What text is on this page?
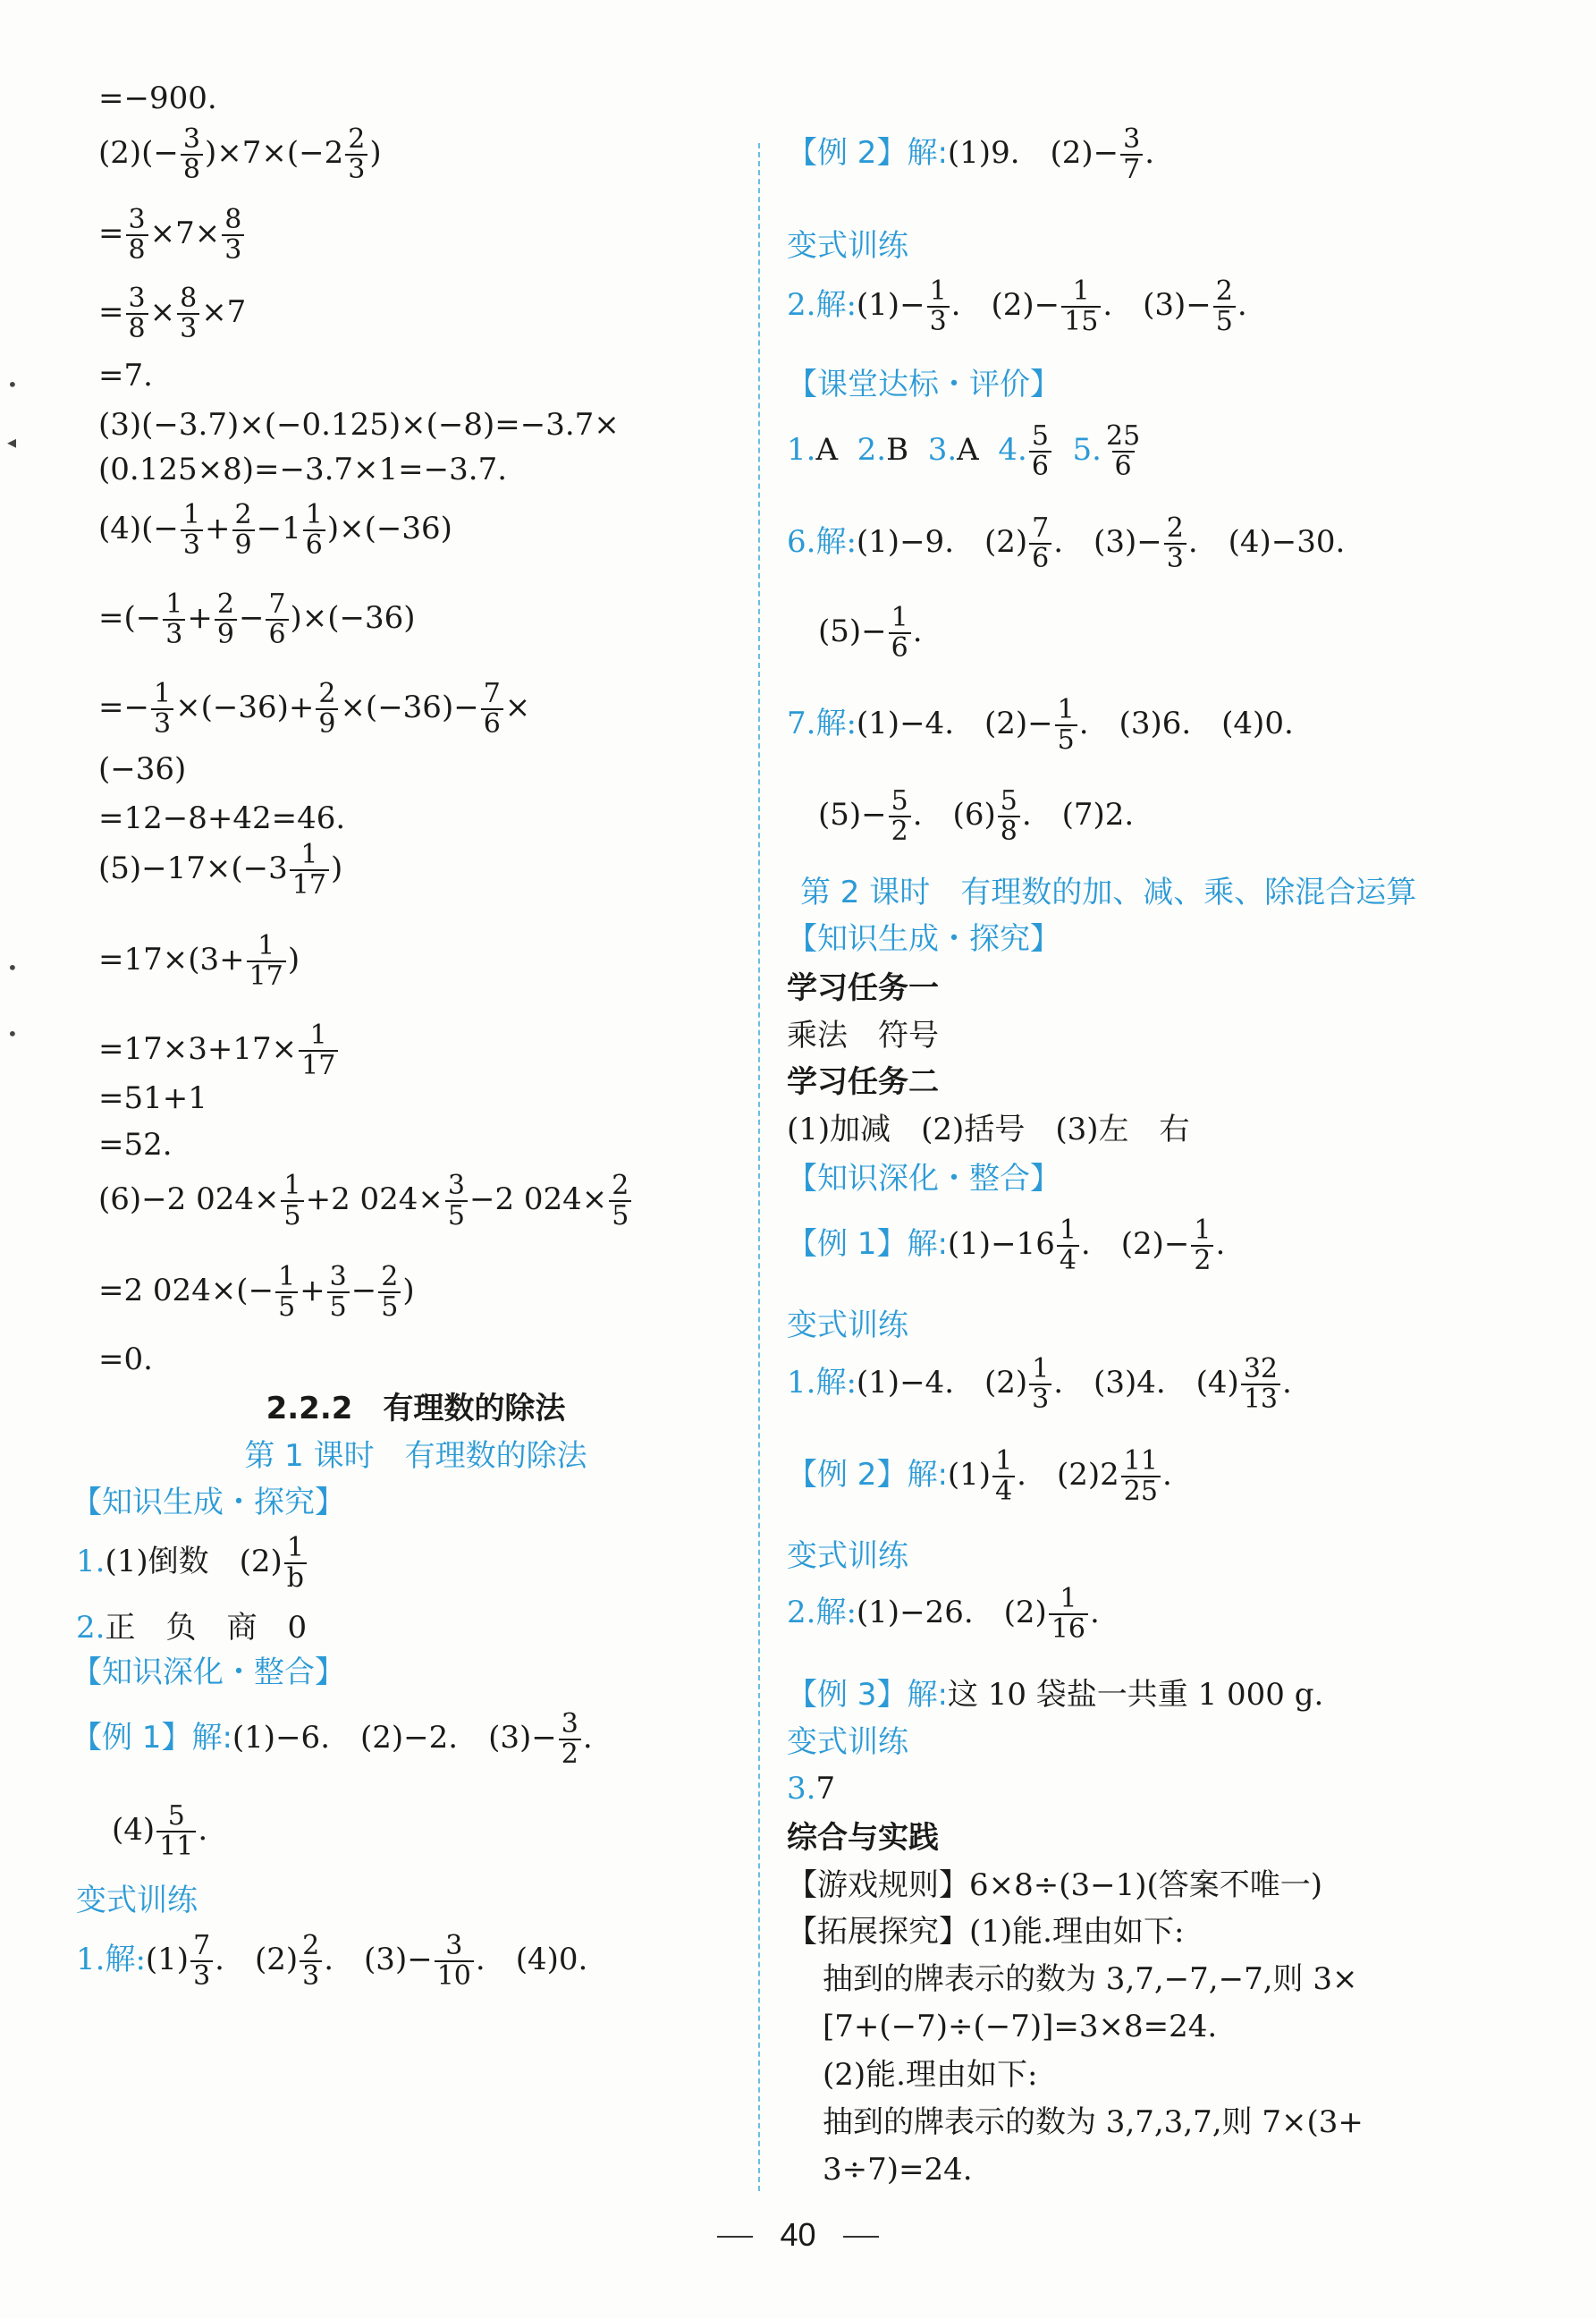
•
◂
•
•
=−900.
$(2)(- \frac{3}{8} )\times 7\times(-2 \frac{2}{3}$ )
= $\frac{3}{8} \times 7\times \frac{8}{3}$
= $\frac{3}{8} \times \frac{8}{3} \times 7$
=7.
(3)(−3.7)×(−0.125)×(−8)=−3.7×
(0.125×8)=−3.7×1=−3.7.
$(4)(- \frac{1}{3} + \frac{2}{9} -1 \frac{1}{6} )\times(-36)$
=(− $\frac{1}{3} + \frac{2}{9} - \frac{7}{6} )\times(-36)$
=− $\frac{1}{3} \times(-36)+ \frac{2}{9} \times(-36)- \frac{7}{6}$ ×
(−36)
=12−8+42=46.
$(5)-17\times(-3 \frac{1}{17}$ )
$=17\times(3+ \frac{1}{17}$ )
$=17\times 3+17\times \frac{1}{17}$
=51+1
=52.
(6)−2 $024\times \frac{1}{5} +2$ $024\times \frac{3}{5} -2$ $024\times \frac{2}{5}$
=2 $024\times(- \frac{1}{5} + \frac{3}{5} - \frac{2}{5}$ )
=0.
2.2.2　有理数的除法
第 1 课时　有理数的除法
【知识生成・探究】
1.(1)倒数　$(2) \frac{1}{b}$
2.正　负　商　0
【知识深化・整合】
【例 1】解:(1)−6.　(2)−2.　$(3)- \frac{3}{2}$ .
$(4) \frac{5}{11}$ .
变式训练
1.解:(1) $\frac{7}{3}$ .　$(2) \frac{2}{3}$ .　$(3)- \frac{3}{10}$ .　(4)0.
【例 2】解:(1)9.　$(2)- \frac{3}{7}$ .
变式训练
2.解:(1)− $\frac{1}{3}$ .　$(2)- \frac{1}{15}$ .　$(3)- \frac{2}{5}$ .
【课堂达标・评价】
1.A 2.B 3.A 4. $\frac{5}{6} 5$. $\frac{25}{6}$
6.解:(1)−9.　$(2) \frac{7}{6}$ .　$(3)- \frac{2}{3}$ .　(4)−30.
$(5)- \frac{1}{6}$ .
7.解:(1)−4.　$(2)- \frac{1}{5}$ .　(3)6.　(4)0.
$(5)- \frac{5}{2}$ .　$(6) \frac{5}{8}$ .　(7)2.
第 2 课时　有理数的加、减、乘、除混合运算
【知识生成・探究】
学习任务一
乘法　符号
学习任务二
(1)加减　(2)括号　(3)左　右
【知识深化・整合】
【例 1】解:(1)−16 $\frac{1}{4}$ .　$(2)- \frac{1}{2}$ .
变式训练
1.解:(1)−4.　$(2) \frac{1}{3}$ .　(3)4.　$(4) \frac{32}{13}$ .
【例 2】解:(1) $\frac{1}{4}$ .　$(2)2 \frac{11}{25}$ .
变式训练
2.解:(1)−26.　$(2) \frac{1}{16}$ .
【例 3】解:这 10 袋盐一共重 1 000 g.
变式训练
3.7
综合与实践
【游戏规则】6×8÷(3−1)(答案不唯一)
【拓展探究】(1)能.理由如下:
抽到的牌表示的数为 3,7,−7,−7,则 3×
[7+(−7)÷(−7)]=3×8=24.
(2)能.理由如下:
抽到的牌表示的数为 3,7,3,7,则 7×(3+
3÷7)=24.
40
